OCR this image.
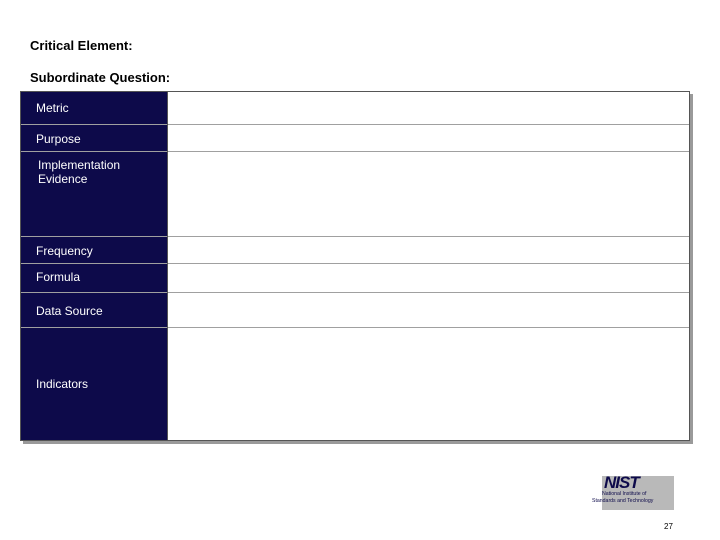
Critical Element:
Subordinate Question:
Metric
Purpose
Implementation
Evidence
Frequency
Formula
Data Source
Indicators
NIST
National Institute of
Standards and Technology
27
